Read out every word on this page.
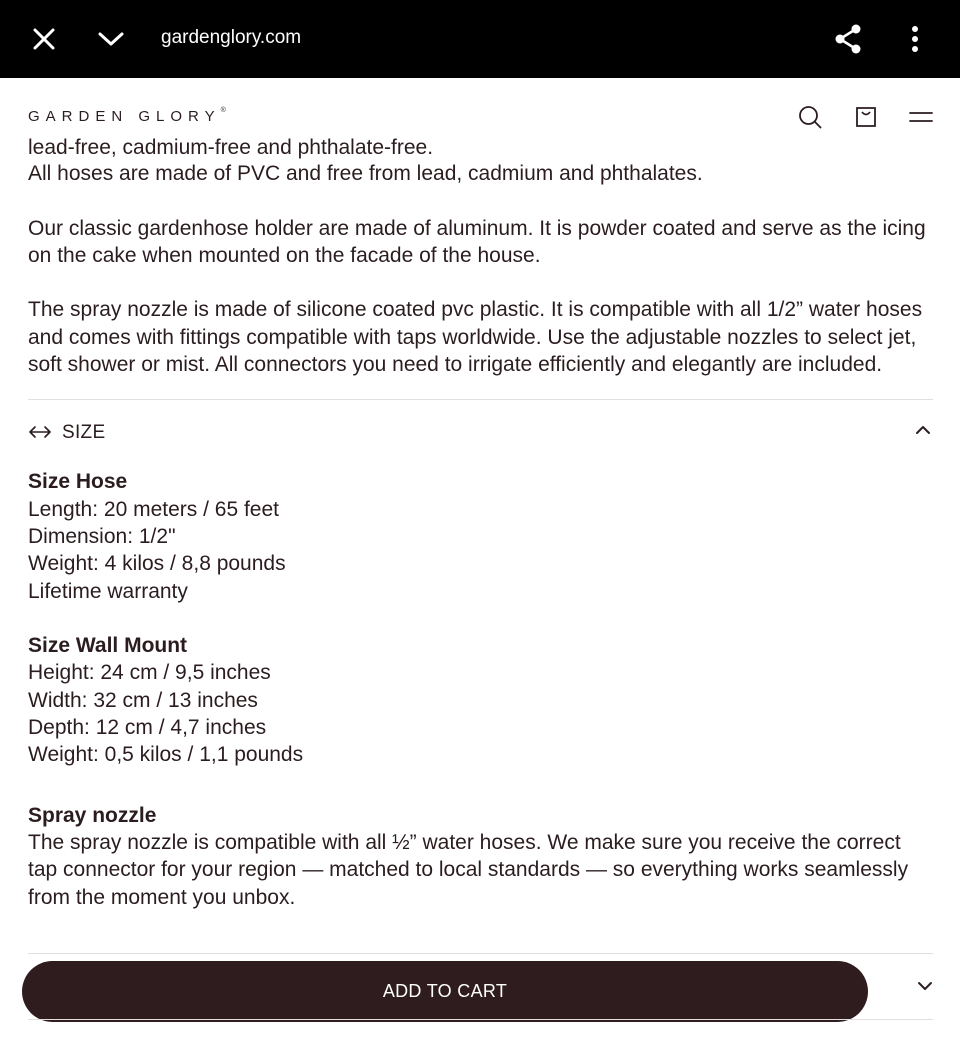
gardenglory.com
GARDEN GLORY®
lead-free, cadmium-free and phthalate-free.

All hoses are made of PVC and free from lead, cadmium and phthalates.

Our classic gardenhose holder are made of aluminum. It is powder coated and serve as the icing on the cake when mounted on the facade of the house.

The spray nozzle is made of silicone coated pvc plastic. It is compatible with all 1/2” water hoses and comes with fittings compatible with taps worldwide. Use the adjustable nozzles to select jet, soft shower or mist. All connectors you need to irrigate efficiently and elegantly are included.

SIZE
Size Hose
Length: 20 meters / 65 feet
Dimension: 1/2"
Weight: 4 kilos / 8,8 pounds
Lifetime warranty
Size Wall Mount
Height: 24 cm / 9,5 inches
Width: 32 cm / 13 inches
Depth: 12 cm / 4,7 inches
Weight: 0,5 kilos / 1,1 pounds
Spray nozzle
The spray nozzle is compatible with all ½” water hoses. We make sure you receive the correct tap connector for your region — matched to local standards — so everything works seamlessly from the moment you unbox.
ADD TO CART
